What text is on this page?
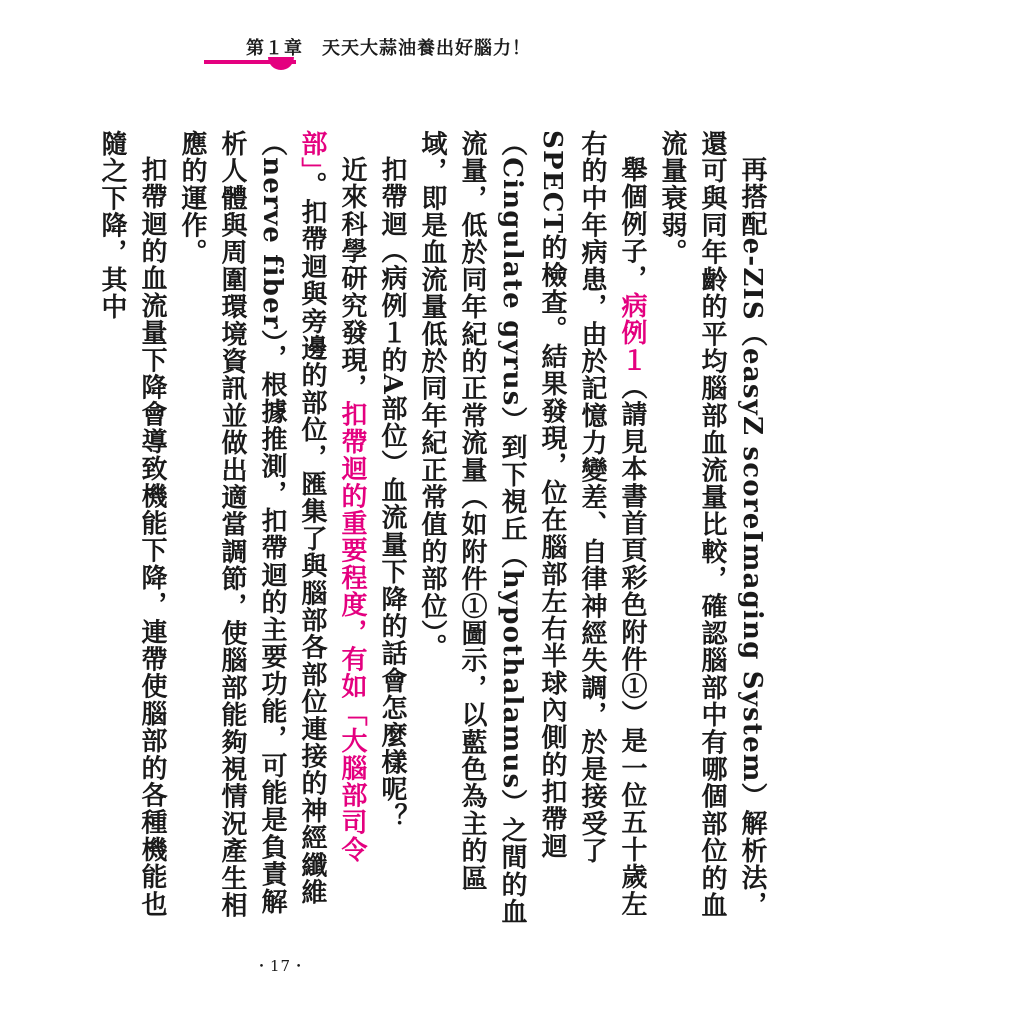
第１章　天天大蒜油養出好腦力！

再搭配e-ZIS（easyZ scoreImaging System）解析法，還可與同年齡的平均腦部血流量比較，確認腦部中有哪個部位的血流量衰弱。

舉個例子，病例１（請見本書首頁彩色附件①）是一位五十歲左右的中年病患，由於記憶力變差、自律神經失調，於是接受了SPECT的檢查。結果發現，位在腦部左右半球內側的扣帶迴（Cingulate gyrus）到下視丘（hypothalamus）之間的血流量，低於同年紀的正常流量（如附件①圖示，以藍色為主的區域，即是血流量低於同年紀正常值的部位）。

扣帶迴（病例１的A部位）血流量下降的話會怎麼樣呢？

近來科學研究發現，扣帶迴的重要程度，有如「大腦部司令部」。扣帶迴與旁邊的部位，匯集了與腦部各部位連接的神經纖維（nerve fiber），根據推測，扣帶迴的主要功能，可能是負責解析人體與周圍環境資訊並做出適當調節，使腦部能夠視情況產生相應的運作。

扣帶迴的血流量下降會導致機能下降，連帶使腦部的各種機能也隨之下降，其中

・17・
